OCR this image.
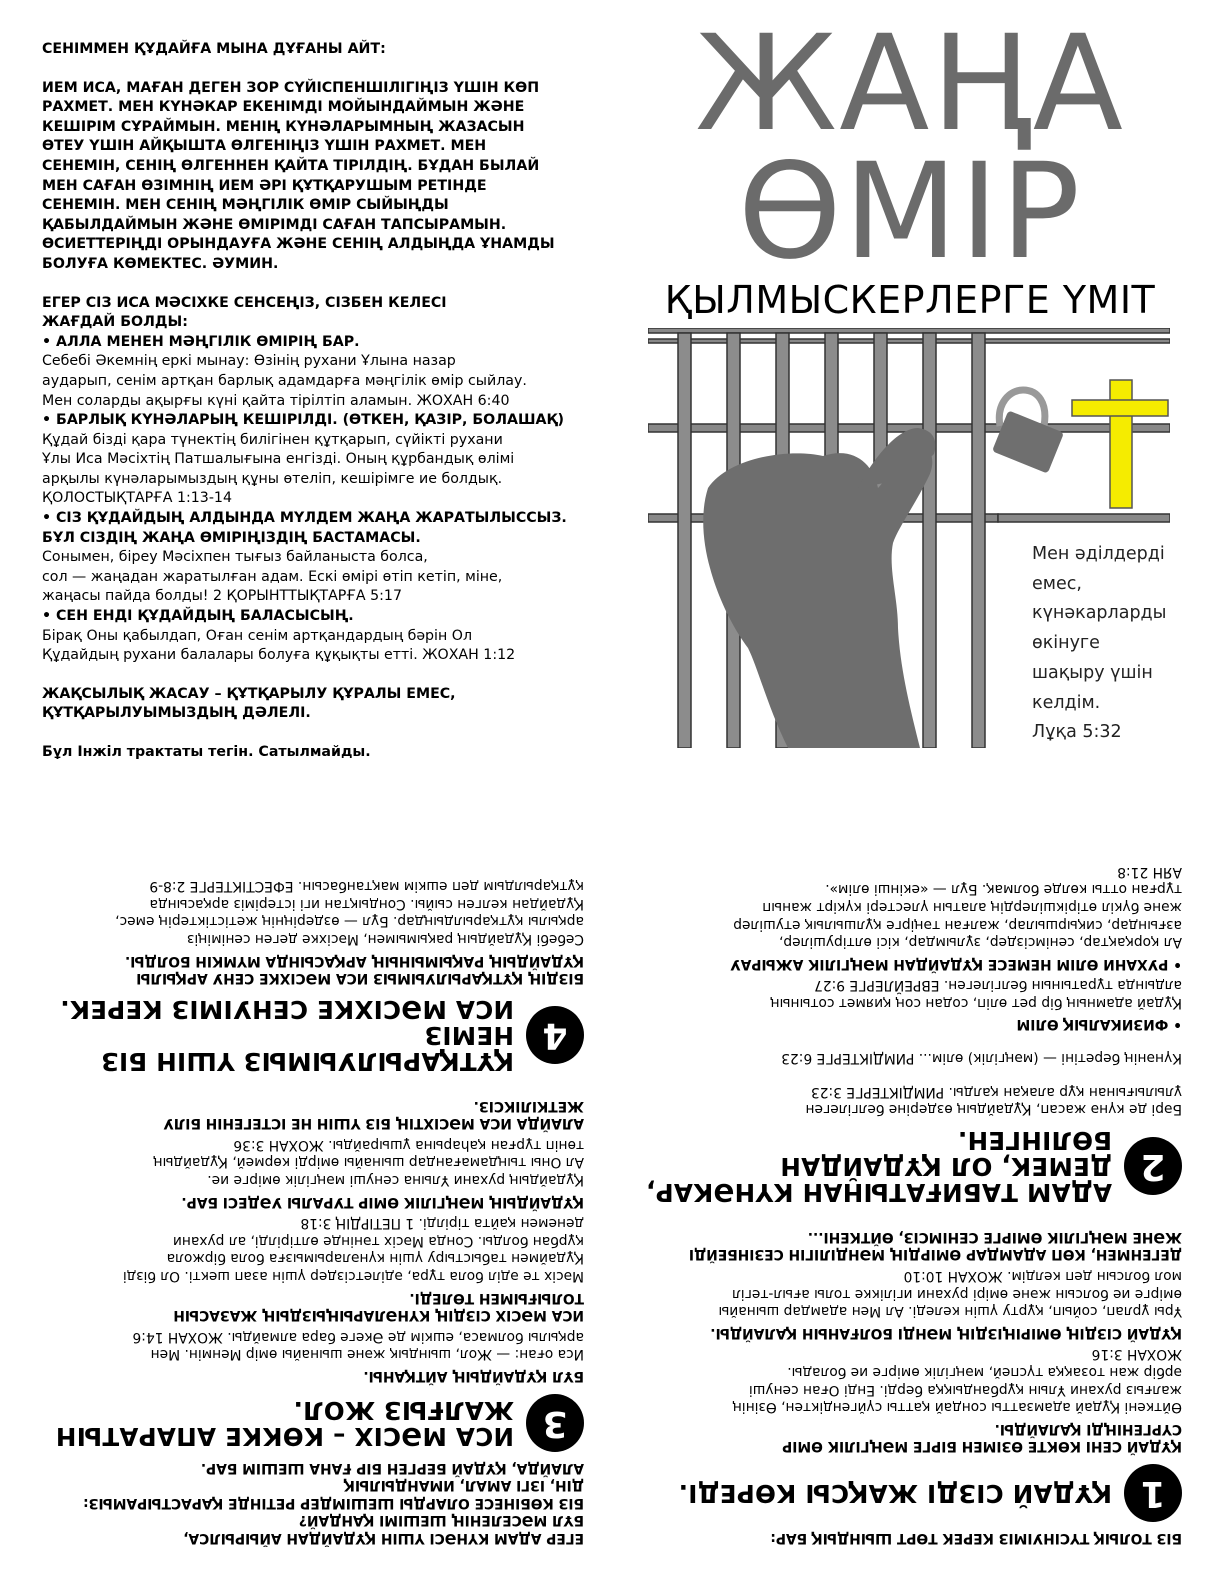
СЕНІММЕН ҚҰДАЙҒА МЫНА ДҰҒАНЫ АЙТ:

ИЕМ ИСА, МАҒАН ДЕГЕН ЗОР СҮЙІСПЕНШІЛІГІҢІЗ ҮШІН КӨП
РАХМЕТ. МЕН КҮНӘКАР ЕКЕНІМДІ МОЙЫНДАЙМЫН ЖӘНЕ
КЕШІРІМ СҰРАЙМЫН. МЕНІҢ КҮНӘЛАРЫМНЫҢ ЖАЗАСЫН
ӨТЕУ ҮШІН АЙҚЫШТА ӨЛГЕНІҢІЗ ҮШІН РАХМЕТ. МЕН
СЕНЕМІН, СЕНІҢ ӨЛГЕННЕН ҚАЙТА ТІРІЛДІҢ. БҰДАН БЫЛАЙ
МЕН САҒАН ӨЗІМНІҢ ИЕМ ӘРІ ҚҰТҚАРУШЫМ РЕТІНДЕ
СЕНЕМІН. МЕН СЕНІҢ МӘҢГІЛІК ӨМІР СЫЙЫҢДЫ
ҚАБЫЛДАЙМЫН ЖӘНЕ ӨМІРІМДІ САҒАН ТАПСЫРАМЫН.
ӨСИЕТТЕРІҢДІ ОРЫНДАУҒА ЖӘНЕ СЕНІҢ АЛДЫҢДА ҰНАМДЫ
БОЛУҒА КӨМЕКТЕС. ӘУМИН.

ЕГЕР СІЗ ИСА МӘСІХКЕ СЕНСЕҢІЗ, СІЗБЕН КЕЛЕСІ
ЖАҒДАЙ БОЛДЫ:

• АЛЛА МЕНЕН МӘҢГІЛІК ӨМІРІҢ БАР.

Себебі Әкемнің еркі мынау: Өзінің рухани Ұлына назар
аударып, сенім артқан барлық адамдарға мәңгілік өмір сыйлау.
Мен соларды ақырғы күні қайта тірілтіп аламын. ЖОХАН 6:40

• БАРЛЫҚ КҮНӘЛАРЫҢ КЕШІРІЛДІ. (ӨТКЕН, ҚАЗІР, БОЛАШАҚ)

Құдай бізді қара түнектің билігінен құтқарып, сүйікті рухани
Ұлы Иса Мәсіхтің Патшалығына енгізді. Оның құрбандық өлімі
арқылы күнәларымыздың құны өтеліп, кешірімге ие болдық.
ҚОЛОСТЫҚТАРҒА 1:13-14

• СІЗ ҚҰДАЙДЫҢ АЛДЫНДА МҮЛДЕМ ЖАҢА ЖАРАТЫЛЫССЫЗ.
БҰЛ СІЗДІҢ ЖАҢА ӨМІРІҢІЗДІҢ БАСТАМАСЫ.

Сонымен, біреу Мәсіхпен тығыз байланыста болса,
сол — жаңадан жаратылған адам. Ескі өмірі өтіп кетіп, міне,
жаңасы пайда болды! 2 ҚОРЫНТТЫҚТАРҒА 5:17

• СЕН ЕНДІ ҚҰДАЙДЫҢ БАЛАСЫСЫҢ.

Бірақ Оны қабылдап, Оған сенім артқандардың бәрін Ол
Құдайдың рухани балалары болуға құқықты етті. ЖОХАН 1:12

ЖАҚСЫЛЫҚ ЖАСАУ – ҚҰТҚАРЫЛУ ҚҰРАЛЫ ЕМЕС,
ҚҰТҚАРЫЛУЫМЫЗДЫҢ ДӘЛЕЛІ.

Бұл Інжіл трактаты тегін. Сатылмайды.

ЖАҢА
ӨМІР
ҚЫЛМЫСКЕРЛЕРГЕ ҮМІТ

Мен әділдерді
емес,
күнәкарларды
өкінуге
шақыру үшін
келдім.

Лұқа 5:32

БІЗ ТОЛЫҚ ТҮСІНУІМІЗ КЕРЕК ТӨРТ ШЫНДЫҚ БАР:

1
ҚҰДАЙ СІЗДІ ЖАҚСЫ КӨРЕДІ.

ҚҰДАЙ СЕНІ КӨКТЕ ӨЗІМЕН БІРГЕ МӘҢГІЛІК ӨМІР
СҮРГЕНІҢДІ ҚАЛАЙДЫ.

Өйткені Құдай адамзатты сондай қатты сүйгендіктен, Өзінің
жалғыз рухани Ұлын құрбандыққа берді. Енді Оған сенуші
әрбір жан тозаққа түспей, мәңгілік өмірге ие болады.
ЖОХАН 3:16

ҚҰДАЙ СІЗДІҢ ӨМІРІҢІЗДІҢ МӘНДІ БОЛҒАНЫН ҚАЛАЙДЫ.

Ұры ұрлап, сойып, құрту үшін келеді. Ал Мен адамдар шынайы
өмірге ие болсын және өмірі рухани игілікке толы ағыл-тегіл
мол болсын деп келдім. ЖОХАН 10:10

ДЕГЕНМЕН, КӨП АДАМДАР ӨМІРДІҢ МӘНДІЛІГІН СЕЗІНБЕЙДІ
ЖӘНЕ МӘҢГІЛІК ӨМІРГЕ СЕНІМСІЗ, ӨЙТКЕНІ...

2
АДАМ ТАБИҒАТЫНАН КҮНӘКАР,
ДЕМЕК, ОЛ ҚҰДАЙДАН БӨЛІНГЕН.

Бәрі де күнә жасап, Құдайдың өздеріне белгілеген
ұлылығынан құр алақан қалды. РИМДІКТЕРГЕ 3:23

Күнәнің беретіні — (мәңгілік) өлім... РИМДІКТЕРГЕ 6:23

• ФИЗИКАЛЫҚ ӨЛІМ

Құдай адамның бір рет өліп, содан соң қиямет сотының
алдында тұратынын белгілеген. ЕВРЕЙЛЕРГЕ 9:27

• РУХАНИ ӨЛІМ НЕМЕСЕ ҚҰДАЙДАН МӘҢГІЛІК АЖЫРАУ

Ал қорқақтар, сенімсіздер, зұлымдар, кісі өлтірушілер,
азғындар, сиқыршылар, жалған тәңірге құлшылық етушілер
және бүкіл өтірікшілердің алатын үлестері күкірт жанып
тұрған отты көлде болмақ. Бұл — «екінші өлім».
АЯН 21:8

ЕГЕР АДАМ КҮНӘСІ ҮШІН ҚҰДАЙДАН АЙЫРЫЛСА,
БҰЛ МӘСЕЛЕНІҢ ШЕШІМІ ҚАНДАЙ?
БІЗ КӨБІНЕСЕ ОЛАРДЫ ШЕШІМДЕР РЕТІНДЕ ҚАРАСТЫРАМЫЗ:
ДІН, ІЗГІ АМАЛ, ИМАНДЫЛЫҚ
АЛАЙДА, ҚҰДАЙ БЕРГЕН БІР ҒАНА ШЕШІМ БАР.

3
ИСА МӘСІХ – КӨККЕ АПАРАТЫН
ЖАЛҒЫЗ ЖОЛ.

БҰЛ ҚҰДАЙДЫҢ АЙТҚАНЫ.

Иса оған: — Жол, шындық және шынайы өмір Менмін. Мен
арқылы болмаса, ешкім де Әкеге бара алмайды. ЖОХАН 14:6

ИСА МӘСІХ СІЗДІҢ КҮНӘЛАРЫҢЫЗДЫҢ ЖАЗАСЫН
ТОЛЫҒЫМЕН ТӨЛЕДІ.

Мәсіх те әділ бола тұра, әділетсіздер үшін азап шекті. Ол бізді
Құдаймен табыстыру үшін күнәларымызға бола біржола
құрбан болды. Сонда Мәсіх тәнінде өлтірілді, ал рухани
денемен қайта тірілді. 1 ПЕТІРДІҢ 3:18

ҚҰДАЙДЫҢ МӘҢГІЛІК ӨМІР ТУРАЛЫ УӘДЕСІ БАР.

Құдайдың рухани Ұлына сенуші мәңгілік өмірге ие.
Ал Оны тыңдамағандар шынайы өмірді көрмей, Құдайдың
төніп тұрған қаһарына ұшырайды. ЖОХАН 3:36

АЛАЙДА ИСА МӘСІХТІҢ БІЗ ҮШІН НЕ ІСТЕГЕНІН БІЛУ
ЖЕТКІЛІКСІЗ.

4
ҚҰТҚАРЫЛУЫМЫЗ ҮШІН БІЗ НЕМІЗ
ИСА МӘСІХКЕ СЕНУІМІЗ КЕРЕК.

БІЗДІҢ ҚҰТҚАРЫЛУЫМЫЗ ИСА МӘСІХКЕ СЕНУ АРҚЫЛЫ
ҚҰДАЙДЫҢ РАҚЫМЫНЫҢ АРҚАСЫНДА МҮМКІН БОЛДЫ.

Себебі Құдайдың рақымымен, Мәсіхке деген сеніміңіз
арқылы құтқарылдыңдар. Бұл — өздеріңнің жетістіктерің емес,
Құдайдан келген сыйы. Сондықтан игі істеріміз арқасында
құтқарылдым деп ешкім мақтанбасын. ЕФЕСТІКТЕРГЕ 2:8-9
